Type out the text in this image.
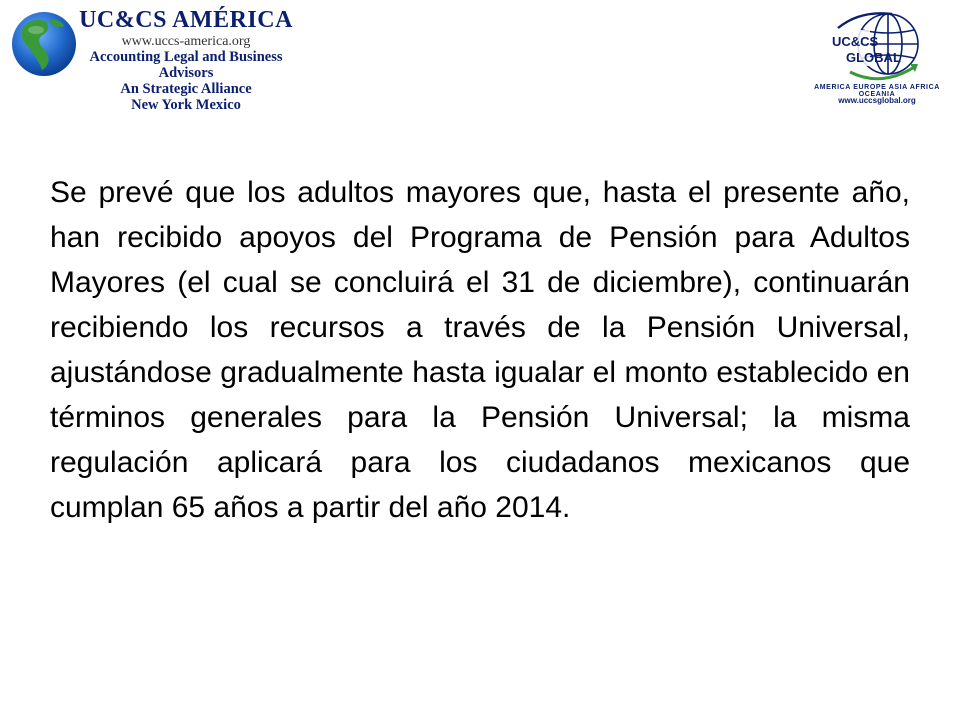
UC&CS AMÉRICA
www.uccs-america.org
Accounting Legal and Business Advisors
An Strategic Alliance
New York Mexico
UC&CS
GLOBAL
AMERICA EUROPE ASIA AFRICA OCEANIA
www.uccsglobal.org
Se prevé que los adultos mayores que, hasta el presente año, han recibido apoyos del Programa de Pensión para Adultos Mayores (el cual se concluirá el 31 de diciembre), continuarán recibiendo los recursos a través de la Pensión Universal, ajustándose gradualmente hasta igualar el monto establecido en términos generales para la Pensión Universal; la misma regulación aplicará para los ciudadanos mexicanos que cumplan 65 años a partir del año 2014.
